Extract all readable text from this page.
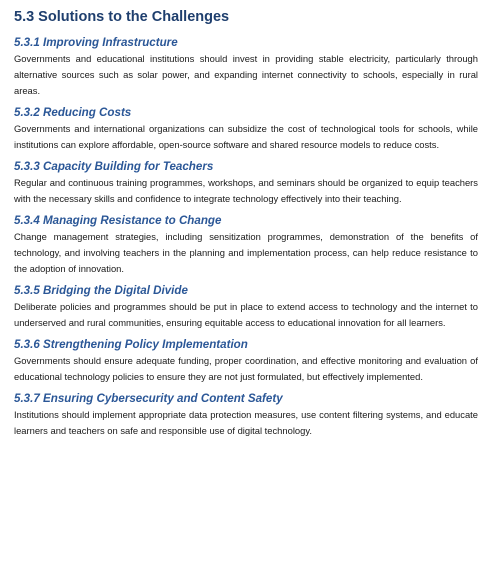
5.3 Solutions to the Challenges
5.3.1 Improving Infrastructure

Governments and educational institutions should invest in providing stable electricity, particularly through alternative sources such as solar power, and expanding internet connectivity to schools, especially in rural areas.

5.3.2 Reducing Costs

Governments and international organizations can subsidize the cost of technological tools for schools, while institutions can explore affordable, open-source software and shared resource models to reduce costs.

5.3.3 Capacity Building for Teachers

Regular and continuous training programmes, workshops, and seminars should be organized to equip teachers with the necessary skills and confidence to integrate technology effectively into their teaching.

5.3.4 Managing Resistance to Change

Change management strategies, including sensitization programmes, demonstration of the benefits of technology, and involving teachers in the planning and implementation process, can help reduce resistance to the adoption of innovation.

5.3.5 Bridging the Digital Divide

Deliberate policies and programmes should be put in place to extend access to technology and the internet to underserved and rural communities, ensuring equitable access to educational innovation for all learners.

5.3.6 Strengthening Policy Implementation

Governments should ensure adequate funding, proper coordination, and effective monitoring and evaluation of educational technology policies to ensure they are not just formulated, but effectively implemented.

5.3.7 Ensuring Cybersecurity and Content Safety

Institutions should implement appropriate data protection measures, use content filtering systems, and educate learners and teachers on safe and responsible use of digital technology.
